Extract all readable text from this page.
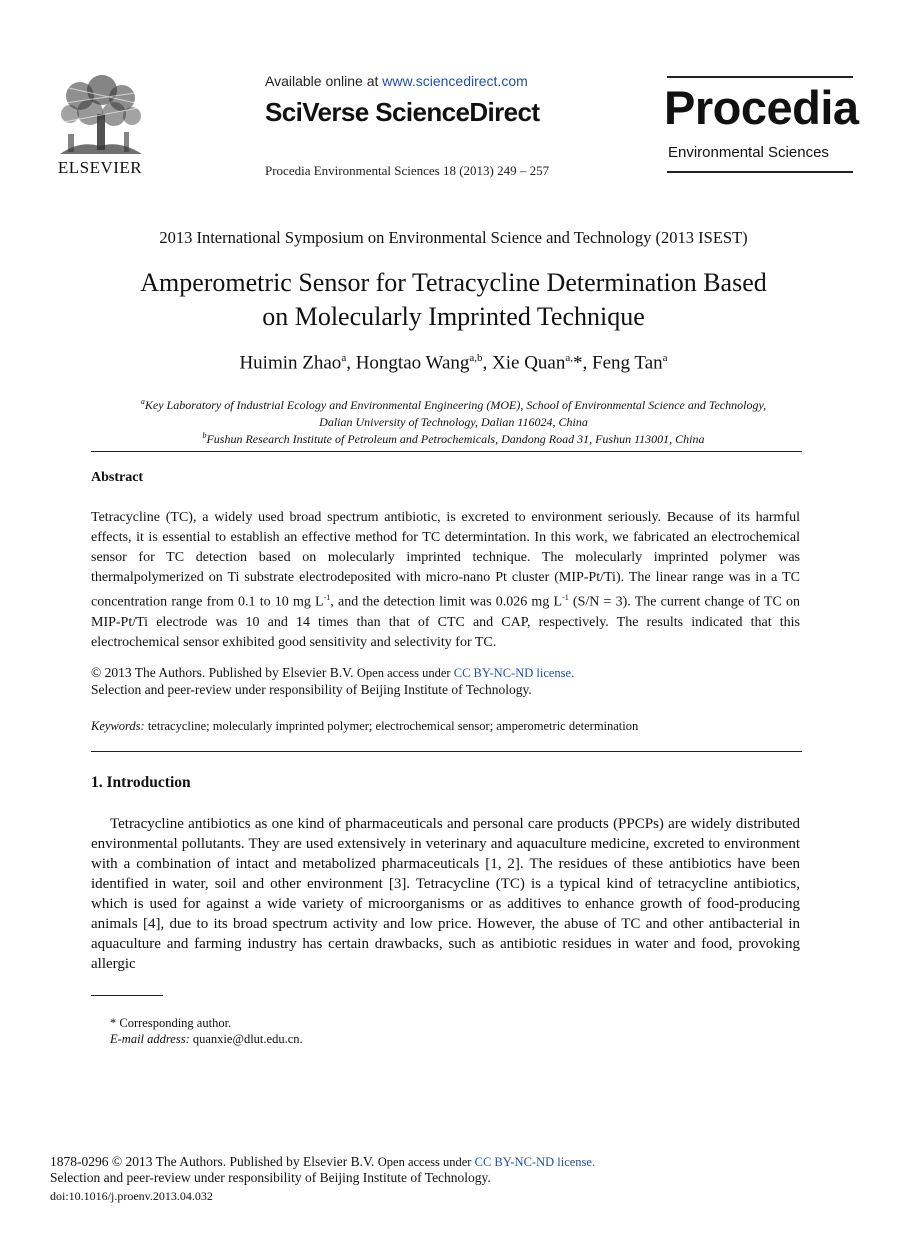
ELSEVIER
Available online at www.sciencedirect.com
SciVerse ScienceDirect
Procedia Environmental Sciences 18 (2013) 249 – 257
Procedia
Environmental Sciences
2013 International Symposium on Environmental Science and Technology (2013 ISEST)
Amperometric Sensor for Tetracycline Determination Based
on Molecularly Imprinted Technique
Huimin Zhao$^a$, Hongtao Wang$^{a,b}$, Xie Quan$^{a,}$*, Feng Tan$^a$
$^a$Key Laboratory of Industrial Ecology and Environmental Engineering (MOE), School of Environmental Science and Technology,
Dalian University of Technology, Dalian 116024, China
$^b$Fushun Research Institute of Petroleum and Petrochemicals, Dandong Road 31, Fushun 113001, China
Abstract
Tetracycline (TC), a widely used broad spectrum antibiotic, is excreted to environment seriously. Because of its harmful effects, it is essential to establish an effective method for TC determintation. In this work, we fabricated an electrochemical sensor for TC detection based on molecularly imprinted technique. The molecularly imprinted polymer was thermalpolymerized on Ti substrate electrodeposited with micro-nano Pt cluster (MIP-Pt/Ti). The linear range was in a TC concentration range from 0.1 to 10 mg $L^{-1}$, and the detection limit was 0.026 mg $L^{-1}$ (S/N = 3). The current change of TC on MIP-Pt/Ti electrode was 10 and 14 times than that of CTC and CAP, respectively. The results indicated that this electrochemical sensor exhibited good sensitivity and selectivity for TC.
© 2013 The Authors. Published by Elsevier B.V. Open access under CC BY-NC-ND license.
Selection and peer-review under responsibility of Beijing Institute of Technology.
Keywords: tetracycline; molecularly imprinted polymer; electrochemical sensor; amperometric determination
1. Introduction
Tetracycline antibiotics as one kind of pharmaceuticals and personal care products (PPCPs) are widely distributed environmental pollutants. They are used extensively in veterinary and aquaculture medicine, excreted to environment with a combination of intact and metabolized pharmaceuticals [1, 2]. The residues of these antibiotics have been identified in water, soil and other environment [3]. Tetracycline (TC) is a typical kind of tetracycline antibiotics, which is used for against a wide variety of microorganisms or as additives to enhance growth of food-producing animals [4], due to its broad spectrum activity and low price. However, the abuse of TC and other antibacterial in aquaculture and farming industry has certain drawbacks, such as antibiotic residues in water and food, provoking allergic
* Corresponding author.
E-mail address: quanxie@dlut.edu.cn.
1878-0296 © 2013 The Authors. Published by Elsevier B.V. Open access under CC BY-NC-ND license.
Selection and peer-review under responsibility of Beijing Institute of Technology.
doi:10.1016/j.proenv.2013.04.032
